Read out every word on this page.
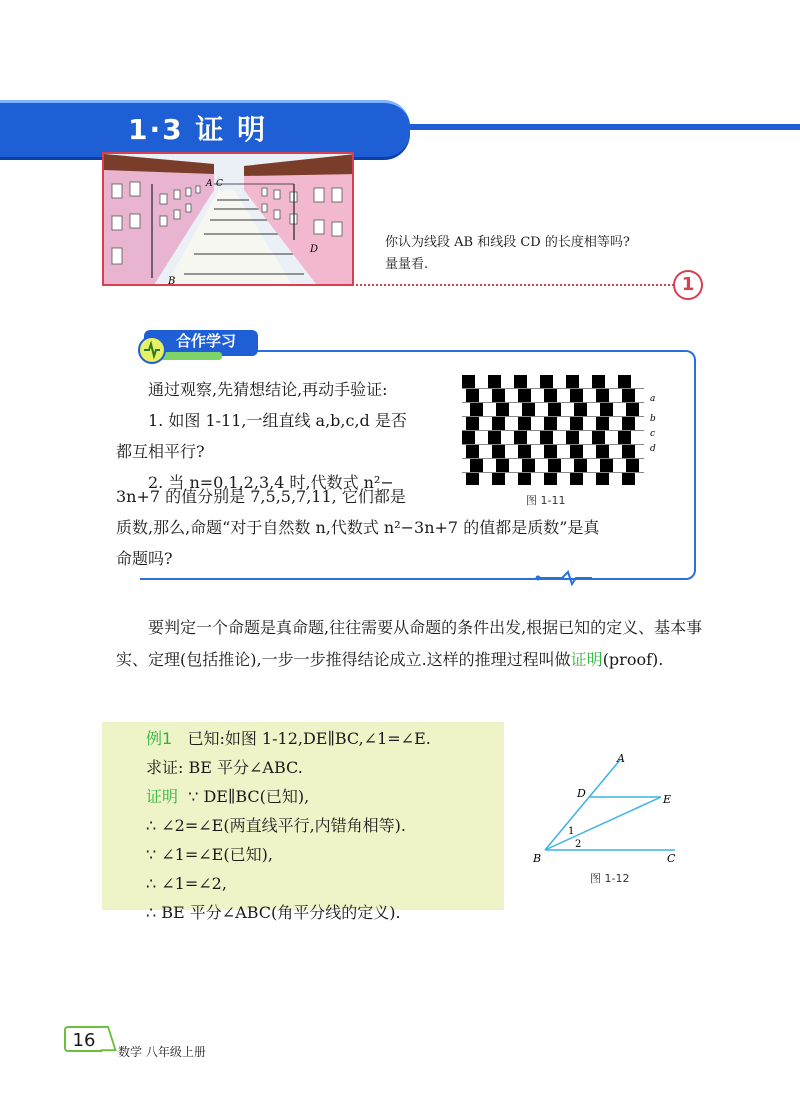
1·3 证 明
A C
B
D	你认为线段 AB 和线段 CD 的长度相等吗?
量量看.
1
合作学习

通过观察,先猜想结论,再动手验证:

1. 如图 1-11,一组直线 a,b,c,d 是否

都互相平行?

2. 当 n=0,1,2,3,4 时,代数式 n²−

3n+7 的值分别是 7,5,5,7,11, 它们都是

质数,那么,命题“对于自然数 n,代数式 n²−3n+7 的值都是质数”是真

命题吗?

a
b
c
d
图 1-11
要判定一个命题是真命题,往往需要从命题的条件出发,根据已知的定义、基本事实、定理(包括推论),一步一步推得结论成立.这样的推理过程叫做证明(proof).

例1 已知:如图 1-12,DE∥BC,∠1=∠E.

求证: BE 平分∠ABC.

证明 ∵ DE∥BC(已知),

∴ ∠2=∠E(两直线平行,内错角相等).

∵ ∠1=∠E(已知),

∴ ∠1=∠2,

∴ BE 平分∠ABC(角平分线的定义).

A
D	E
B	C
1
2
图 1-12
16
数学 八年级上册
